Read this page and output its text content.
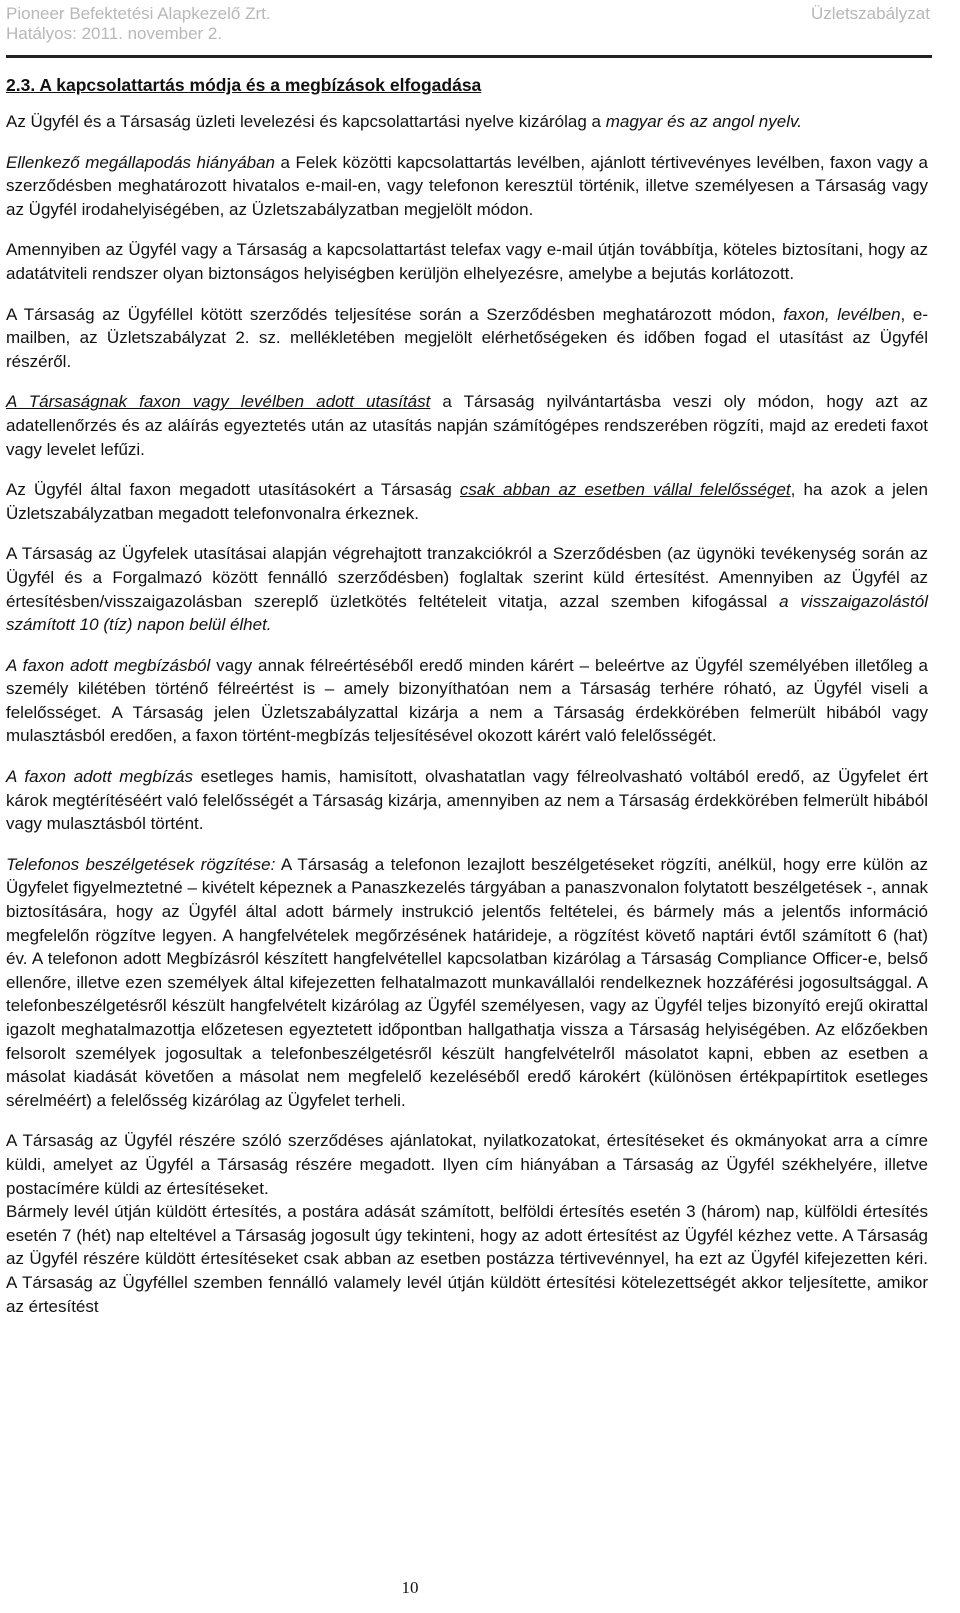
Pioneer Befektetési Alapkezelő Zrt.
Hatályos: 2011. november 2.
Üzletszabályzat
2.3. A kapcsolattartás módja és a megbízások elfogadása

Az Ügyfél és a Társaság üzleti levelezési és kapcsolattartási nyelve kizárólag a magyar és az angol nyelv.

Ellenkező megállapodás hiányában a Felek közötti kapcsolattartás levélben, ajánlott tértivevényes levélben, faxon vagy a szerződésben meghatározott hivatalos e-mail-en, vagy telefonon keresztül történik, illetve személyesen a Társaság vagy az Ügyfél irodahelyiségében, az Üzletszabályzatban megjelölt módon.

Amennyiben az Ügyfél vagy a Társaság a kapcsolattartást telefax vagy e-mail útján továbbítja, köteles biztosítani, hogy az adatátviteli rendszer olyan biztonságos helyiségben kerüljön elhelyezésre, amelybe a bejutás korlátozott.

A Társaság az Ügyféllel kötött szerződés teljesítése során a Szerződésben meghatározott módon, faxon, levélben, e-mailben, az Üzletszabályzat 2. sz. mellékletében megjelölt elérhetőségeken és időben fogad el utasítást az Ügyfél részéről.

A Társaságnak faxon vagy levélben adott utasítást a Társaság nyilvántartásba veszi oly módon, hogy azt az adatellenőrzés és az aláírás egyeztetés után az utasítás napján számítógépes rendszerében rögzíti, majd az eredeti faxot vagy levelet lefűzi.

Az Ügyfél által faxon megadott utasításokért a Társaság csak abban az esetben vállal felelősséget, ha azok a jelen Üzletszabályzatban megadott telefonvonalra érkeznek.

A Társaság az Ügyfelek utasításai alapján végrehajtott tranzakciókról a Szerződésben (az ügynöki tevékenység során az Ügyfél és a Forgalmazó között fennálló szerződésben) foglaltak szerint küld értesítést. Amennyiben az Ügyfél az értesítésben/visszaigazolásban szereplő üzletkötés feltételeit vitatja, azzal szemben kifogással a visszaigazolástól számított 10 (tíz) napon belül élhet.

A faxon adott megbízásból vagy annak félreértéséből eredő minden kárért – beleértve az Ügyfél személyében illetőleg a személy kilétében történő félreértést is – amely bizonyíthatóan nem a Társaság terhére róható, az Ügyfél viseli a felelősséget. A Társaság jelen Üzletszabályzattal kizárja a nem a Társaság érdekkörében felmerült hibából vagy mulasztásból eredően, a faxon történt-megbízás teljesítésével okozott kárért való felelősségét.

A faxon adott megbízás esetleges hamis, hamisított, olvashatatlan vagy félreolvasható voltából eredő, az Ügyfelet ért károk megtérítéséért való felelősségét a Társaság kizárja, amennyiben az nem a Társaság érdekkörében felmerült hibából vagy mulasztásból történt.

Telefonos beszélgetések rögzítése: A Társaság a telefonon lezajlott beszélgetéseket rögzíti, anélkül, hogy erre külön az Ügyfelet figyelmeztetné – kivételt képeznek a Panaszkezelés tárgyában a panaszvonalon folytatott beszélgetések -, annak biztosítására, hogy az Ügyfél által adott bármely instrukció jelentős feltételei, és bármely más a jelentős információ megfelelőn rögzítve legyen. A hangfelvételek megőrzésének határideje, a rögzítést követő naptári évtől számított 6 (hat) év. A telefonon adott Megbízásról készített hangfelvétellel kapcsolatban kizárólag a Társaság Compliance Officer-e, belső ellenőre, illetve ezen személyek által kifejezetten felhatalmazott munkavállalói rendelkeznek hozzáférési jogosultsággal. A telefonbeszélgetésről készült hangfelvételt kizárólag az Ügyfél személyesen, vagy az Ügyfél teljes bizonyító erejű okirattal igazolt meghatalmazottja előzetesen egyeztetett időpontban hallgathatja vissza a Társaság helyiségében. Az előzőekben felsorolt személyek jogosultak a telefonbeszélgetésről készült hangfelvételről másolatot kapni, ebben az esetben a másolat kiadását követően a másolat nem megfelelő kezeléséből eredő károkért (különösen értékpapírtitok esetleges sérelméért) a felelősség kizárólag az Ügyfelet terheli.

A Társaság az Ügyfél részére szóló szerződéses ajánlatokat, nyilatkozatokat, értesítéseket és okmányokat arra a címre küldi, amelyet az Ügyfél a Társaság részére megadott. Ilyen cím hiányában a Társaság az Ügyfél székhelyére, illetve postacímére küldi az értesítéseket.

Bármely levél útján küldött értesítés, a postára adását számított, belföldi értesítés esetén 3 (három) nap, külföldi értesítés esetén 7 (hét) nap elteltével a Társaság jogosult úgy tekinteni, hogy az adott értesítést az Ügyfél kézhez vette. A Társaság az Ügyfél részére küldött értesítéseket csak abban az esetben postázza tértivevénnyel, ha ezt az Ügyfél kifejezetten kéri. A Társaság az Ügyféllel szemben fennálló valamely levél útján küldött értesítési kötelezettségét akkor teljesítette, amikor az értesítést

10
